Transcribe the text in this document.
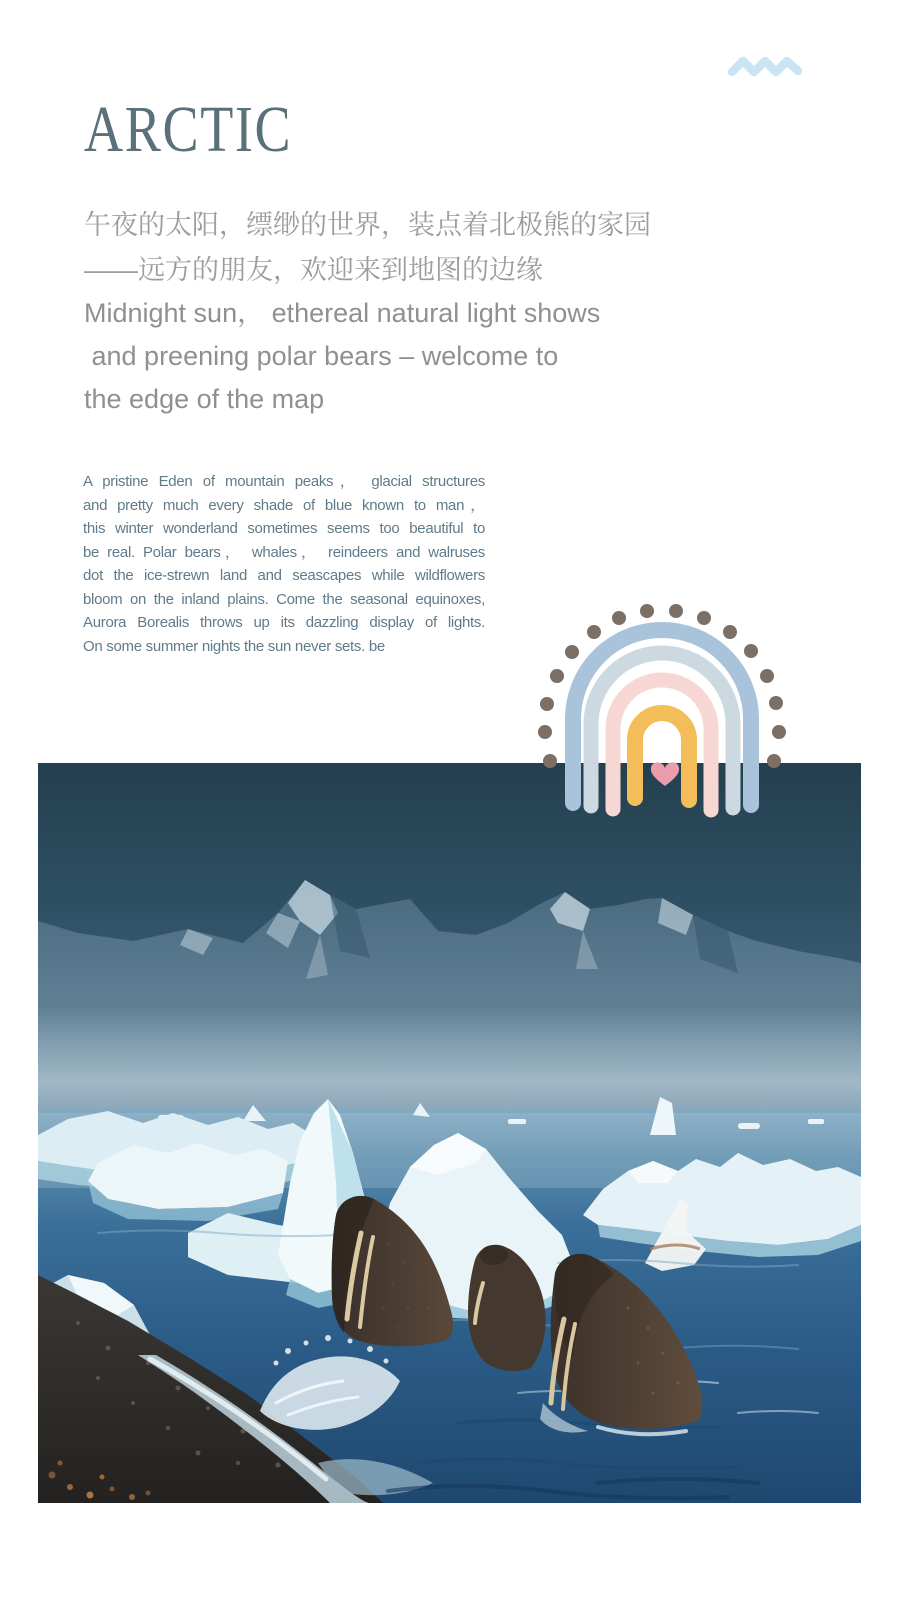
ARCTIC
午夜的太阳，缥缈的世界，装点着北极熊的家园
——远方的朋友，欢迎来到地图的边缘
Midnight sun， ethereal natural light shows
and preening polar bears – welcome to
the edge of the map
A pristine Eden of mountain peaks， glacial structures
and pretty much every shade of blue known to man，
this winter wonderland sometimes seems too beautiful to
be real. Polar bears， whales， reindeers and walruses
dot the ice-strewn land and seascapes while wildflowers
bloom on the inland plains. Come the seasonal equinoxes,
Aurora Borealis throws up its dazzling display of lights.
On some summer nights the sun never sets. be
